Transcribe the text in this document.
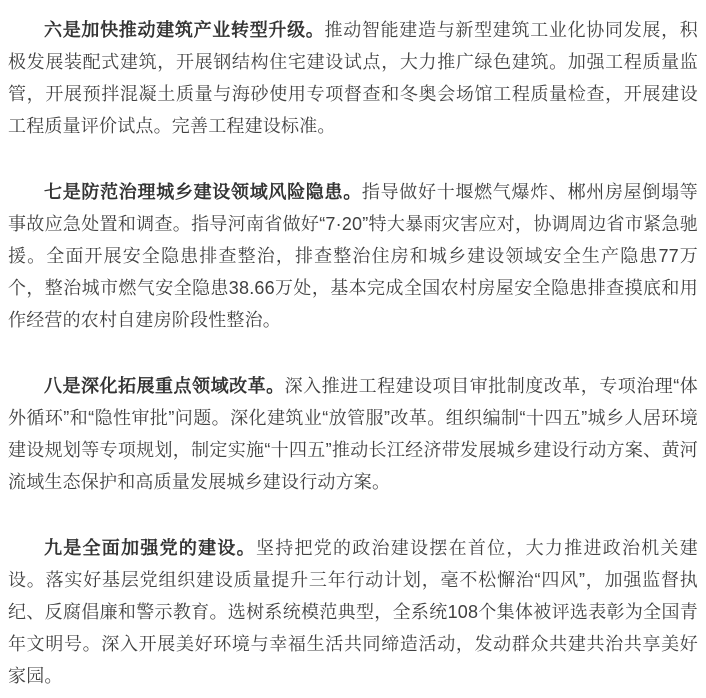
六是加快推动建筑产业转型升级。推动智能建造与新型建筑工业化协同发展，积极发展装配式建筑，开展钢结构住宅建设试点，大力推广绿色建筑。加强工程质量监管，开展预拌混凝土质量与海砂使用专项督查和冬奥会场馆工程质量检查，开展建设工程质量评价试点。完善工程建设标准。

七是防范治理城乡建设领域风险隐患。指导做好十堰燃气爆炸、郴州房屋倒塌等事故应急处置和调查。指导河南省做好“7·20”特大暴雨灾害应对，协调周边省市紧急驰援。全面开展安全隐患排查整治，排查整治住房和城乡建设领域安全生产隐患77万个，整治城市燃气安全隐患38.66万处，基本完成全国农村房屋安全隐患排查摸底和用作经营的农村自建房阶段性整治。

八是深化拓展重点领域改革。深入推进工程建设项目审批制度改革，专项治理“体外循环”和“隐性审批”问题。深化建筑业“放管服”改革。组织编制“十四五”城乡人居环境建设规划等专项规划，制定实施“十四五”推动长江经济带发展城乡建设行动方案、黄河流域生态保护和高质量发展城乡建设行动方案。

九是全面加强党的建设。坚持把党的政治建设摆在首位，大力推进政治机关建设。落实好基层党组织建设质量提升三年行动计划，毫不松懈治“四风”，加强监督执纪、反腐倡廉和警示教育。选树系统模范典型，全系统108个集体被评选表彰为全国青年文明号。深入开展美好环境与幸福生活共同缔造活动，发动群众共建共治共享美好家园。
